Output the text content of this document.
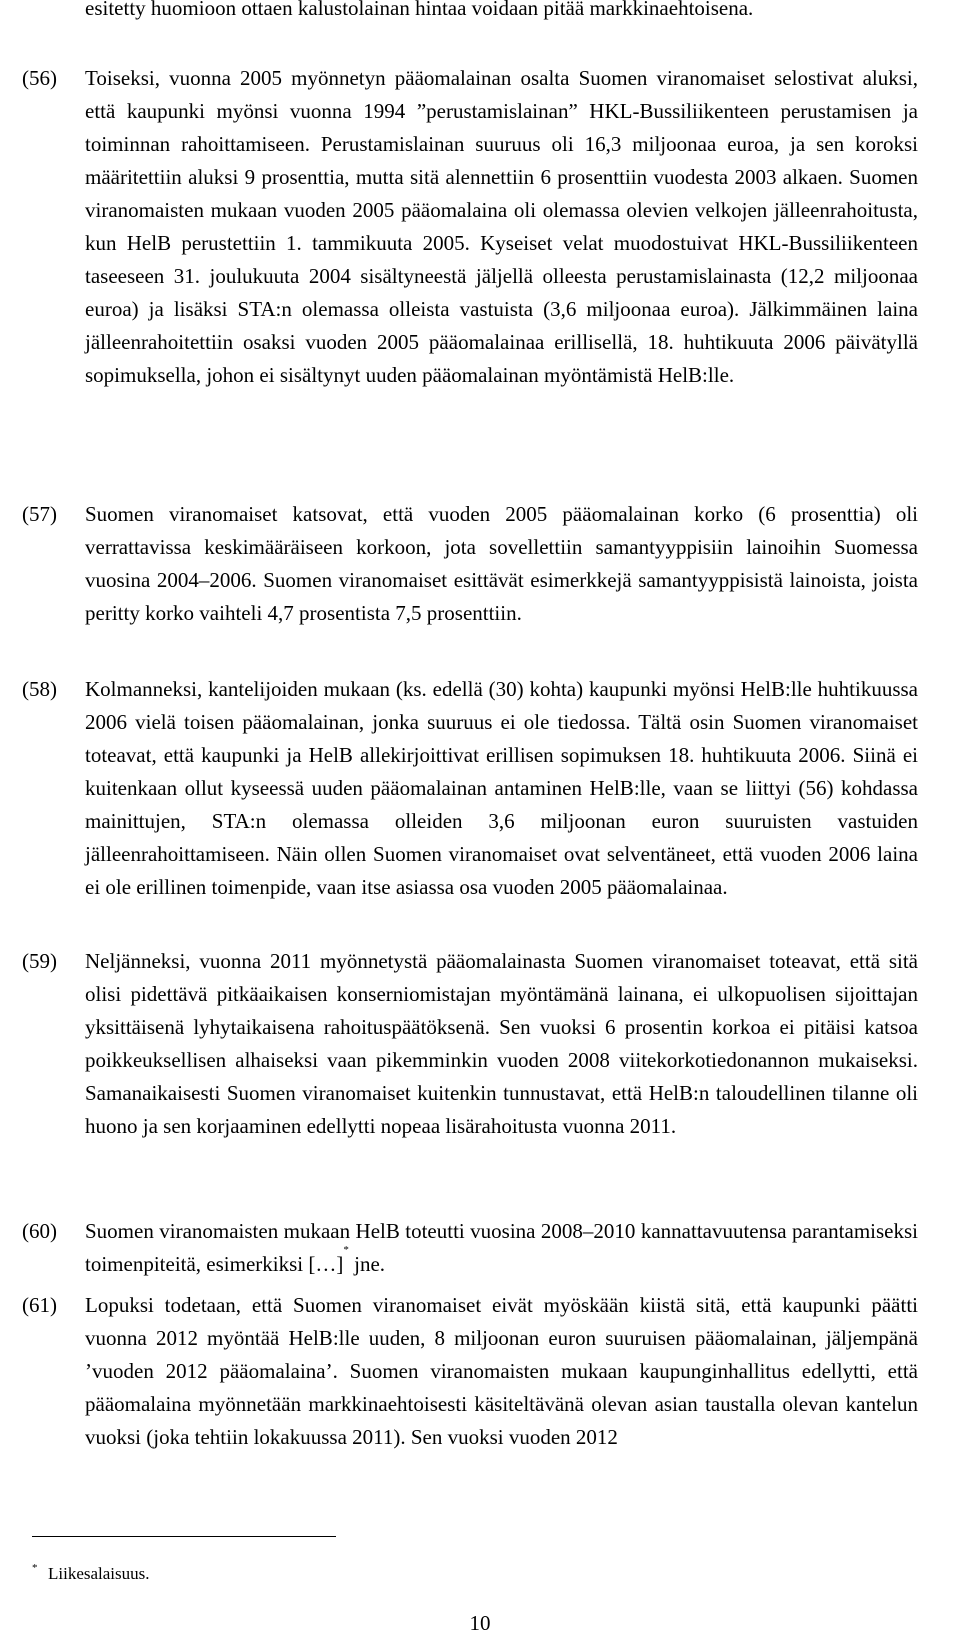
esitetty huomioon ottaen kalustolainan hintaa voidaan pitää markkinaehtoisena.
(56) Toiseksi, vuonna 2005 myönnetyn pääomalainan osalta Suomen viranomaiset selostivat aluksi, että kaupunki myönsi vuonna 1994 ”perustamislainan” HKL-Bussiliikenteen perustamisen ja toiminnan rahoittamiseen. Perustamislainan suuruus oli 16,3 miljoonaa euroa, ja sen koroksi määritettiin aluksi 9 prosenttia, mutta sitä alennettiin 6 prosenttiin vuodesta 2003 alkaen. Suomen viranomaisten mukaan vuoden 2005 pääomalaina oli olemassa olevien velkojen jälleenrahoitusta, kun HelB perustettiin 1. tammikuuta 2005. Kyseiset velat muodostuivat HKL-Bussiliikenteen taseeseen 31. joulukuuta 2004 sisältyneestä jäljellä olleesta perustamislainasta (12,2 miljoonaa euroa) ja lisäksi STA:n olemassa olleista vastuista (3,6 miljoonaa euroa). Jälkimmäinen laina jälleenrahoitettiin osaksi vuoden 2005 pääomalainaa erillisellä, 18. huhtikuuta 2006 päivätyllä sopimuksella, johon ei sisältynyt uuden pääomalainan myöntämistä HelB:lle.
(57) Suomen viranomaiset katsovat, että vuoden 2005 pääomalainan korko (6 prosenttia) oli verrattavissa keskimääräiseen korkoon, jota sovellettiin samantyyppisiin lainoihin Suomessa vuosina 2004–2006. Suomen viranomaiset esittävät esimerkkejä samantyyppisistä lainoista, joista peritty korko vaihteli 4,7 prosentista 7,5 prosenttiin.
(58) Kolmanneksi, kantelijoiden mukaan (ks. edellä (30) kohta) kaupunki myönsi HelB:lle huhtikuussa 2006 vielä toisen pääomalainan, jonka suuruus ei ole tiedossa. Tältä osin Suomen viranomaiset toteavat, että kaupunki ja HelB allekirjoittivat erillisen sopimuksen 18. huhtikuuta 2006. Siinä ei kuitenkaan ollut kyseessä uuden pääomalainan antaminen HelB:lle, vaan se liittyi (56) kohdassa mainittujen, STA:n olemassa olleiden 3,6 miljoonan euron suuruisten vastuiden jälleenrahoittamiseen. Näin ollen Suomen viranomaiset ovat selventäneet, että vuoden 2006 laina ei ole erillinen toimenpide, vaan itse asiassa osa vuoden 2005 pääomalainaa.
(59) Neljänneksi, vuonna 2011 myönnetystä pääomalainasta Suomen viranomaiset toteavat, että sitä olisi pidettävä pitkäaikaisen konserniomistajan myöntämänä lainana, ei ulkopuolisen sijoittajan yksittäisenä lyhytaikaisena rahoituspäätöksenä. Sen vuoksi 6 prosentin korkoa ei pitäisi katsoa poikkeuksellisen alhaiseksi vaan pikemminkin vuoden 2008 viitekorkotiedonannon mukaiseksi. Samanaikaisesti Suomen viranomaiset kuitenkin tunnustavat, että HelB:n taloudellinen tilanne oli huono ja sen korjaaminen edellytti nopeaa lisärahoitusta vuonna 2011.
(60) Suomen viranomaisten mukaan HelB toteutti vuosina 2008–2010 kannattavuutensa parantamiseksi toimenpiteitä, esimerkiksi […]* jne.
(61) Lopuksi todetaan, että Suomen viranomaiset eivät myöskään kiistä sitä, että kaupunki päätti vuonna 2012 myöntää HelB:lle uuden, 8 miljoonan euron suuruisen pääomalainan, jäljempänä ’vuoden 2012 pääomalaina’. Suomen viranomaisten mukaan kaupunginhallitus edellytti, että pääomalaina myönnetään markkinaehtoisesti käsiteltävänä olevan asian taustalla olevan kantelun vuoksi (joka tehtiin lokakuussa 2011). Sen vuoksi vuoden 2012
* Liikesalaisuus.
10
